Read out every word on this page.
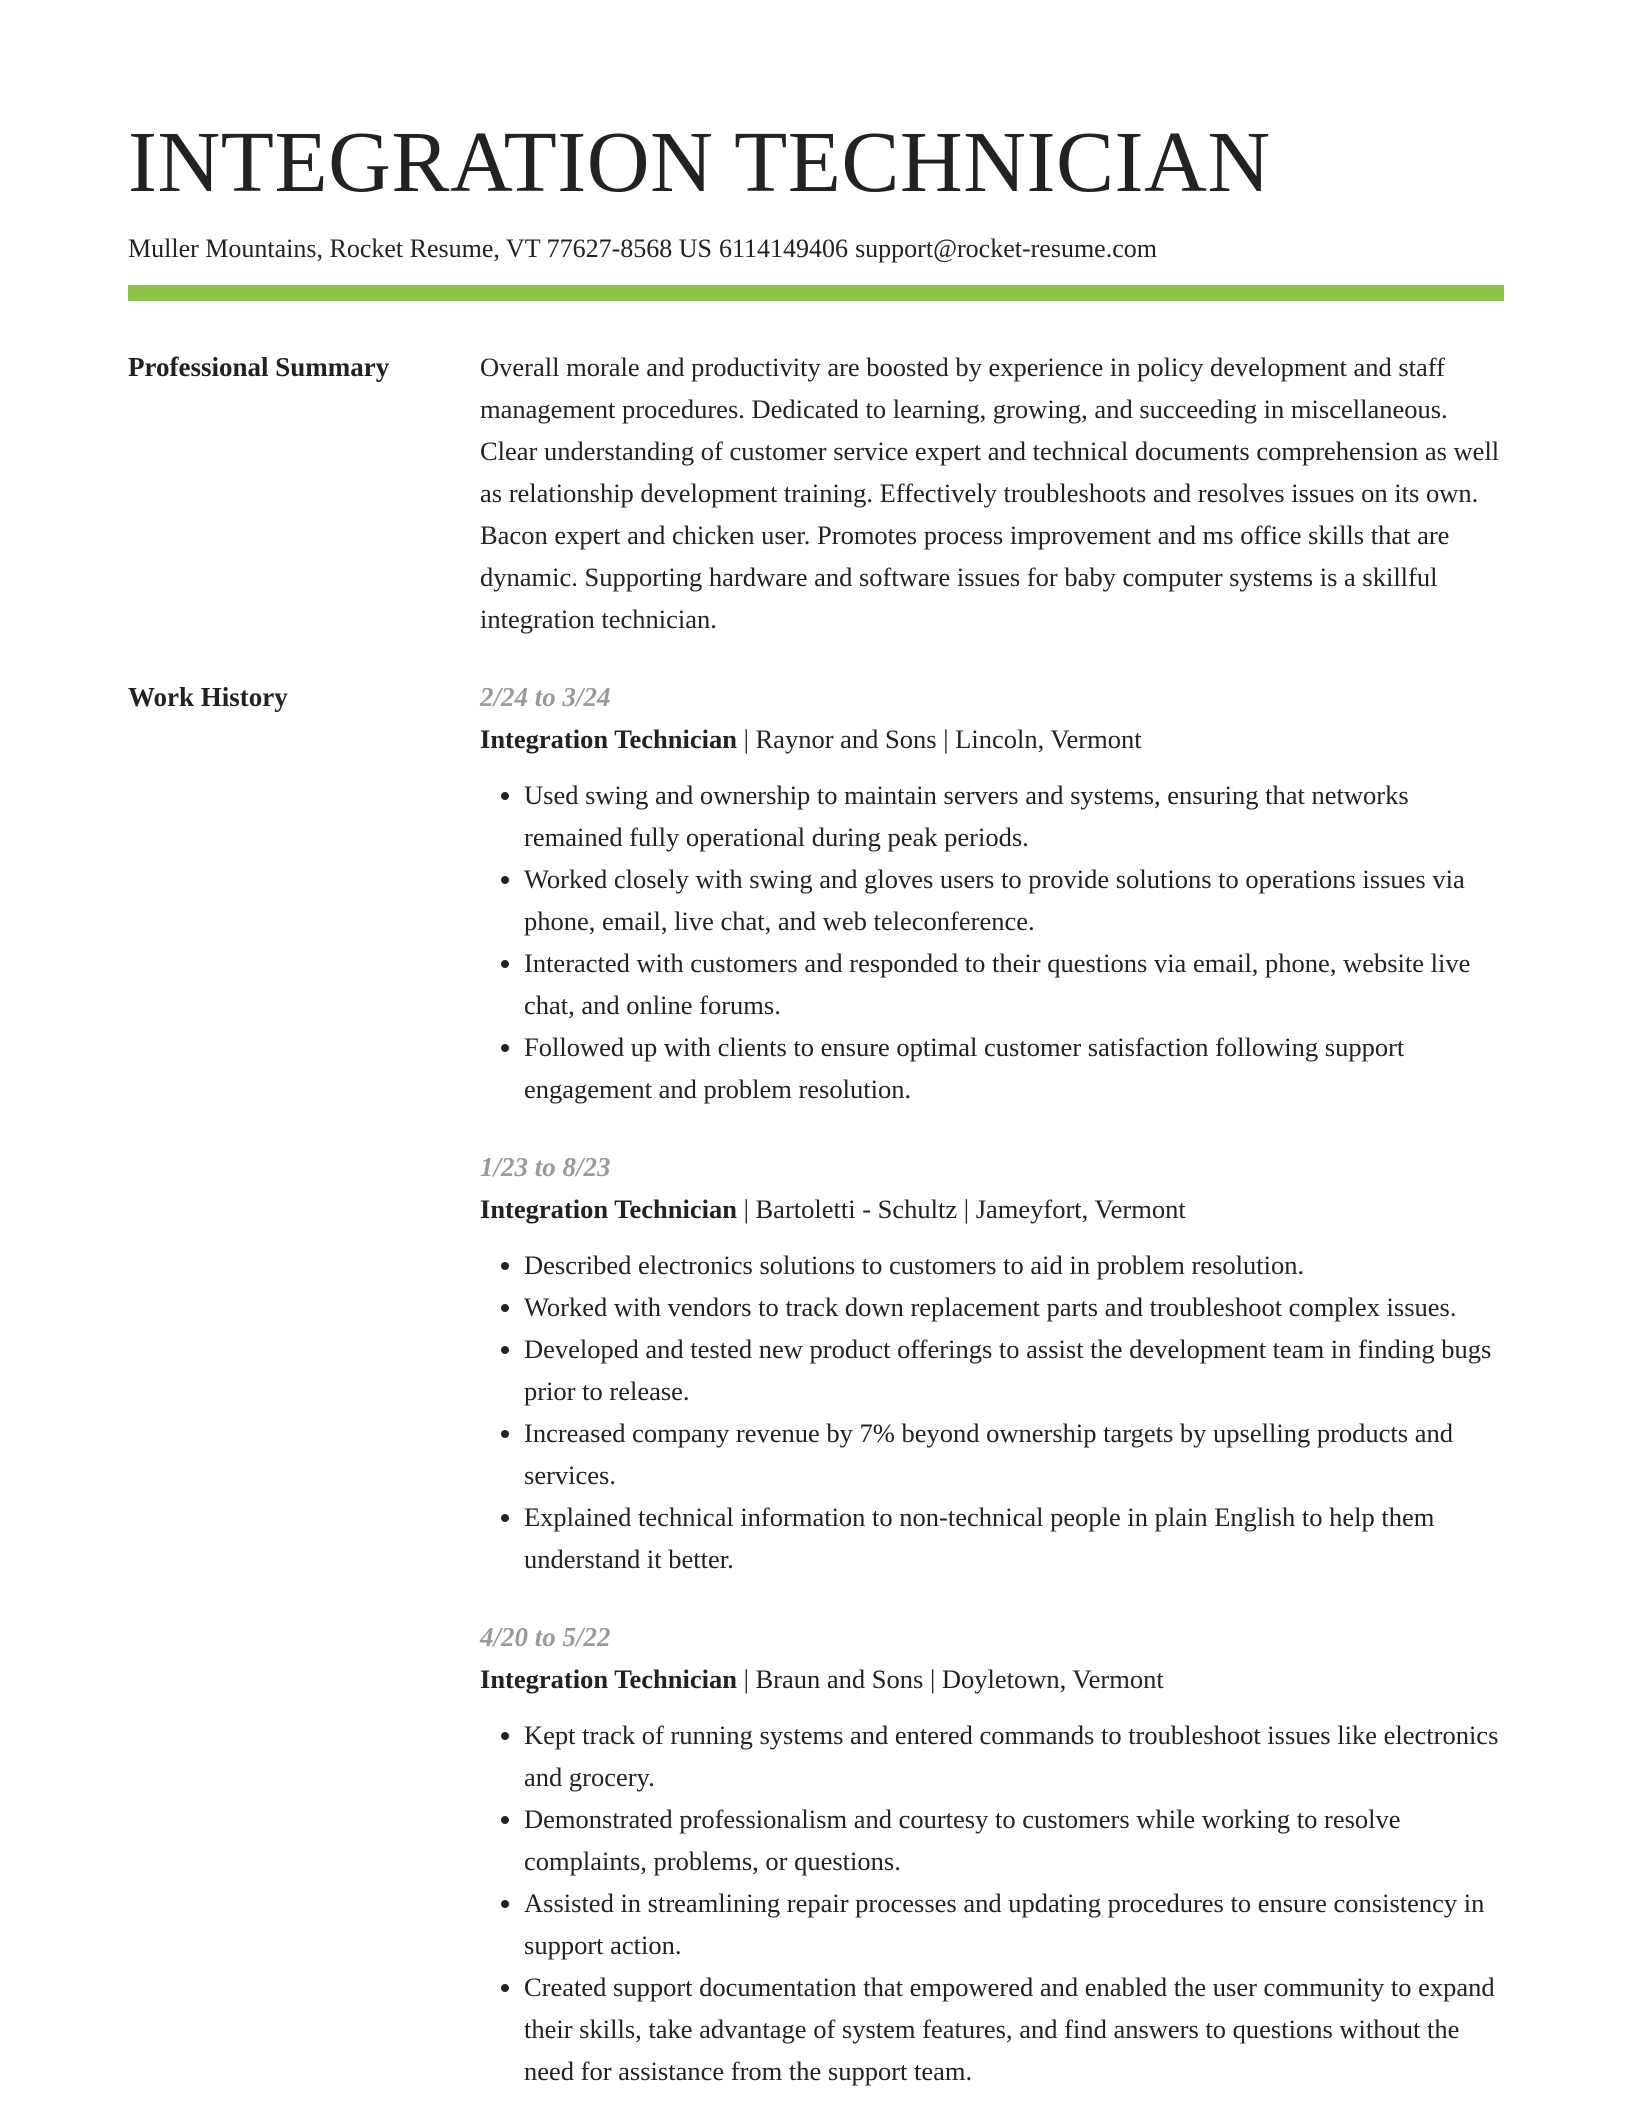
INTEGRATION TECHNICIAN
Muller Mountains, Rocket Resume, VT 77627-8568 US 6114149406 support@rocket-resume.com
Professional Summary	Overall morale and productivity are boosted by experience in policy development and staff management procedures. Dedicated to learning, growing, and succeeding in miscellaneous. Clear understanding of customer service expert and technical documents comprehension as well as relationship development training. Effectively troubleshoots and resolves issues on its own. Bacon expert and chicken user. Promotes process improvement and ms office skills that are dynamic. Supporting hardware and software issues for baby computer systems is a skillful integration technician.

Work History	2/24 to 3/24
Integration Technician | Raynor and Sons | Lincoln, Vermont
• Used swing and ownership to maintain servers and systems, ensuring that networks remained fully operational during peak periods.
• Worked closely with swing and gloves users to provide solutions to operations issues via phone, email, live chat, and web teleconference.
• Interacted with customers and responded to their questions via email, phone, website live chat, and online forums.
• Followed up with clients to ensure optimal customer satisfaction following support engagement and problem resolution.
1/23 to 8/23
Integration Technician | Bartoletti - Schultz | Jameyfort, Vermont
• Described electronics solutions to customers to aid in problem resolution.
• Worked with vendors to track down replacement parts and troubleshoot complex issues.
• Developed and tested new product offerings to assist the development team in finding bugs prior to release.
• Increased company revenue by 7% beyond ownership targets by upselling products and services.
• Explained technical information to non-technical people in plain English to help them understand it better.
4/20 to 5/22
Integration Technician | Braun and Sons | Doyletown, Vermont
• Kept track of running systems and entered commands to troubleshoot issues like electronics and grocery.
• Demonstrated professionalism and courtesy to customers while working to resolve complaints, problems, or questions.
• Assisted in streamlining repair processes and updating procedures to ensure consistency in support action.
• Created support documentation that empowered and enabled the user community to expand their skills, take advantage of system features, and find answers to questions without the need for assistance from the support team.
